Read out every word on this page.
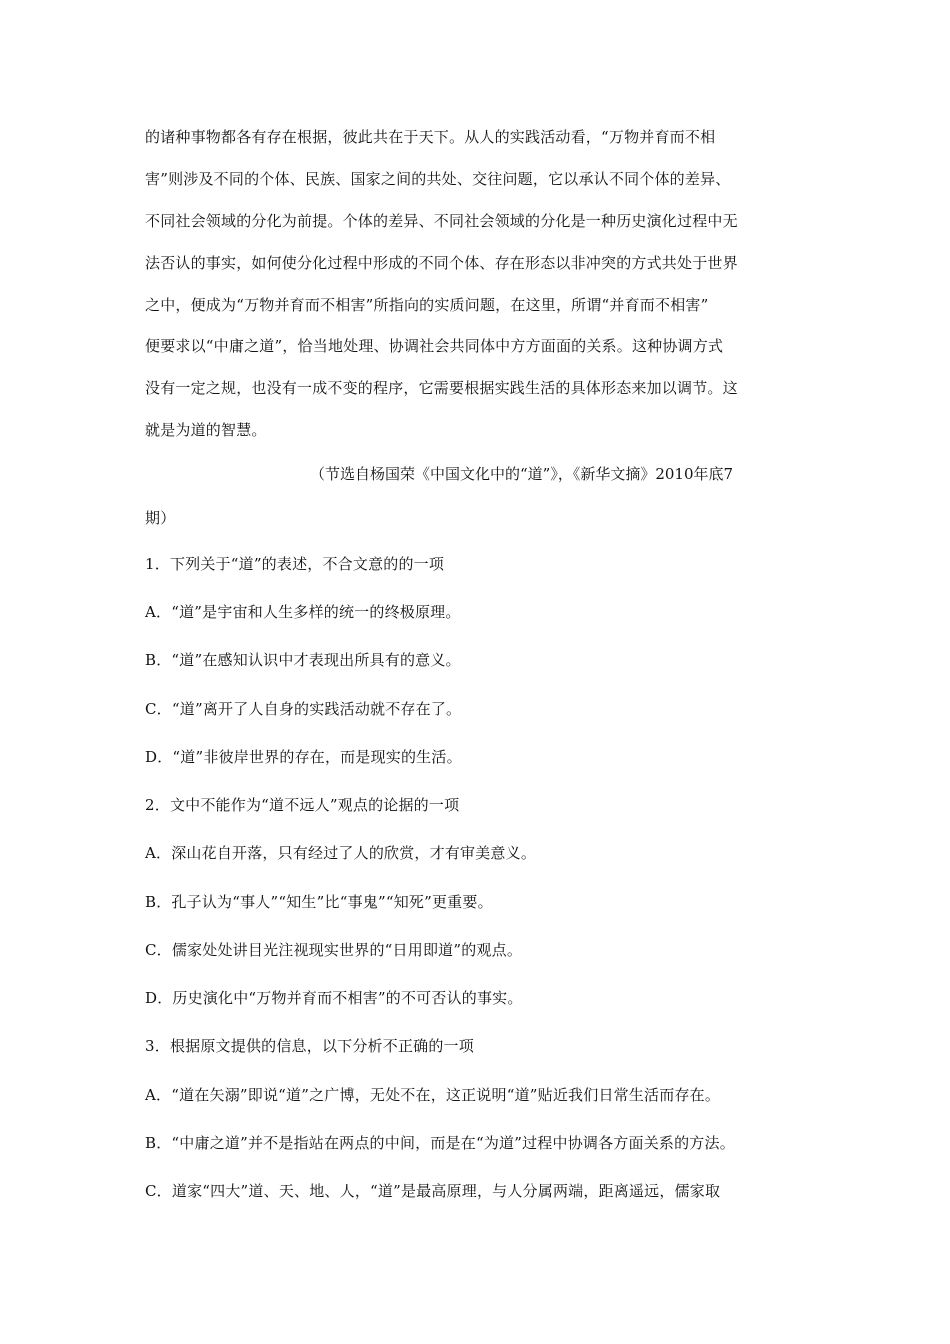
的诸种事物都各有存在根据，彼此共在于天下。从人的实践活动看，“万物并育而不相
害”则涉及不同的个体、民族、国家之间的共处、交往问题，它以承认不同个体的差异、
不同社会领域的分化为前提。个体的差异、不同社会领域的分化是一种历史演化过程中无
法否认的事实，如何使分化过程中形成的不同个体、存在形态以非冲突的方式共处于世界
之中，便成为“万物并育而不相害”所指向的实质问题，在这里，所谓“并育而不相害”
便要求以“中庸之道”，恰当地处理、协调社会共同体中方方面面的关系。这种协调方式
没有一定之规，也没有一成不变的程序，它需要根据实践生活的具体形态来加以调节。这
就是为道的智慧。
（节选自杨国荣《中国文化中的“道”》，《新华文摘》2010年底7
期）
1．下列关于“道”的表述，不合文意的的一项
A．“道”是宇宙和人生多样的统一的终极原理。
B．“道”在感知认识中才表现出所具有的意义。
C．“道”离开了人自身的实践活动就不存在了。
D．“道”非彼岸世界的存在，而是现实的生活。
2．文中不能作为“道不远人”观点的论据的一项
A．深山花自开落，只有经过了人的欣赏，才有审美意义。
B．孔子认为“事人”“知生”比“事鬼”“知死”更重要。
C．儒家处处讲目光注视现实世界的“日用即道”的观点。
D．历史演化中“万物并育而不相害”的不可否认的事实。
3．根据原文提供的信息，以下分析不正确的一项
A．“道在矢溺”即说“道”之广博，无处不在，这正说明“道”贴近我们日常生活而存在。
B．“中庸之道”并不是指站在两点的中间，而是在“为道”过程中协调各方面关系的方法。
C．道家“四大”道、天、地、人，“道”是最高原理，与人分属两端，距离遥远，儒家取
